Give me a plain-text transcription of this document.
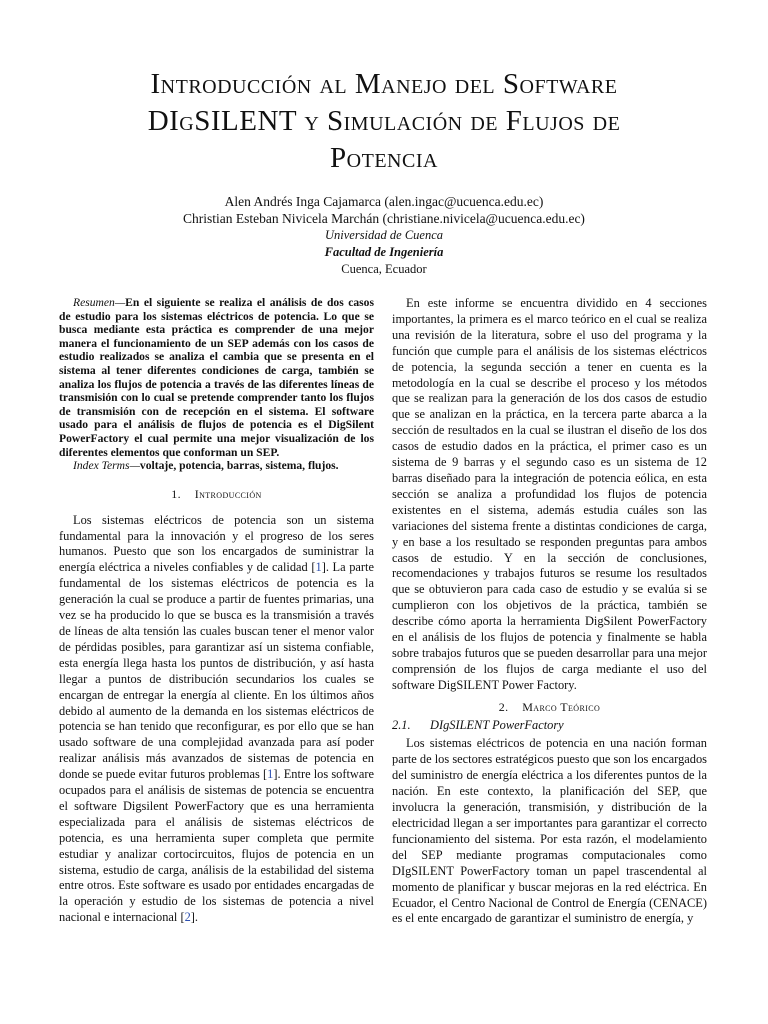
Introducción al Manejo del Software
DIgSILENT y Simulación de Flujos de
Potencia
Alen Andrés Inga Cajamarca (alen.ingac@ucuenca.edu.ec)
Christian Esteban Nivicela Marchán (christiane.nivicela@ucuenca.edu.ec)
Universidad de Cuenca
Facultad de Ingeniería
Cuenca, Ecuador

Resumen—En el siguiente se realiza el análisis de dos casos de estudio para los sistemas eléctricos de potencia. Lo que se busca mediante esta práctica es comprender de una mejor manera el funcionamiento de un SEP además con los casos de estudio realizados se analiza el cambia que se presenta en el sistema al tener diferentes condiciones de carga, también se analiza los flujos de potencia a través de las diferentes líneas de transmisión con lo cual se pretende comprender tanto los flujos de transmisión con de recepción en el sistema. El software usado para el análisis de flujos de potencia es el DigSilent PowerFactory el cual permite una mejor visualización de los diferentes elementos que conforman un SEP.

Index Terms—voltaje, potencia, barras, sistema, flujos.

1. Introducción

Los sistemas eléctricos de potencia son un sistema fundamental para la innovación y el progreso de los seres humanos. Puesto que son los encargados de suministrar la energía eléctrica a niveles confiables y de calidad [1]. La parte fundamental de los sistemas eléctricos de potencia es la generación la cual se produce a partir de fuentes primarias, una vez se ha producido lo que se busca es la transmisión a través de líneas de alta tensión las cuales buscan tener el menor valor de pérdidas posibles, para garantizar así un sistema confiable, esta energía llega hasta los puntos de distribución, y así hasta llegar a puntos de distribución secundarios los cuales se encargan de entregar la energía al cliente. En los últimos años debido al aumento de la demanda en los sistemas eléctricos de potencia se han tenido que reconfigurar, es por ello que se han usado software de una complejidad avanzada para así poder realizar análisis más avanzados de sistemas de potencia en donde se puede evitar futuros problemas [1]. Entre los software ocupados para el análisis de sistemas de potencia se encuentra el software Digsilent PowerFactory que es una herramienta especializada para el análisis de sistemas eléctricos de potencia, es una herramienta super completa que permite estudiar y analizar cortocircuitos, flujos de potencia en un sistema, estudio de carga, análisis de la estabilidad del sistema entre otros. Este software es usado por entidades encargadas de la operación y estudio de los sistemas de potencia a nivel nacional e internacional [2].

En este informe se encuentra dividido en 4 secciones importantes, la primera es el marco teórico en el cual se realiza una revisión de la literatura, sobre el uso del programa y la función que cumple para el análisis de los sistemas eléctricos de potencia, la segunda sección a tener en cuenta es la metodología en la cual se describe el proceso y los métodos que se realizan para la generación de los dos casos de estudio que se analizan en la práctica, en la tercera parte abarca a la sección de resultados en la cual se ilustran el diseño de los dos casos de estudio dados en la práctica, el primer caso es un sistema de 9 barras y el segundo caso es un sistema de 12 barras diseñado para la integración de potencia eólica, en esta sección se analiza a profundidad los flujos de potencia existentes en el sistema, además estudia cuáles son las variaciones del sistema frente a distintas condiciones de carga, y en base a los resultado se responden preguntas para ambos casos de estudio. Y en la sección de conclusiones, recomendaciones y trabajos futuros se resume los resultados que se obtuvieron para cada caso de estudio y se evalúa si se cumplieron con los objetivos de la práctica, también se describe cómo aporta la herramienta DigSilent PowerFactory en el análisis de los flujos de potencia y finalmente se habla sobre trabajos futuros que se pueden desarrollar para una mejor comprensión de los flujos de carga mediante el uso del software DigSILENT Power Factory.

2. Marco Teórico
2.1. DIgSILENT PowerFactory

Los sistemas eléctricos de potencia en una nación forman parte de los sectores estratégicos puesto que son los encargados del suministro de energía eléctrica a los diferentes puntos de la nación. En este contexto, la planificación del SEP, que involucra la generación, transmisión, y distribución de la electricidad llegan a ser importantes para garantizar el correcto funcionamiento del sistema. Por esta razón, el modelamiento del SEP mediante programas computacionales como DIgSILENT PowerFactory toman un papel trascendental al momento de planificar y buscar mejoras en la red eléctrica. En Ecuador, el Centro Nacional de Control de Energía (CENACE) es el ente encargado de garantizar el suministro de energía, y
